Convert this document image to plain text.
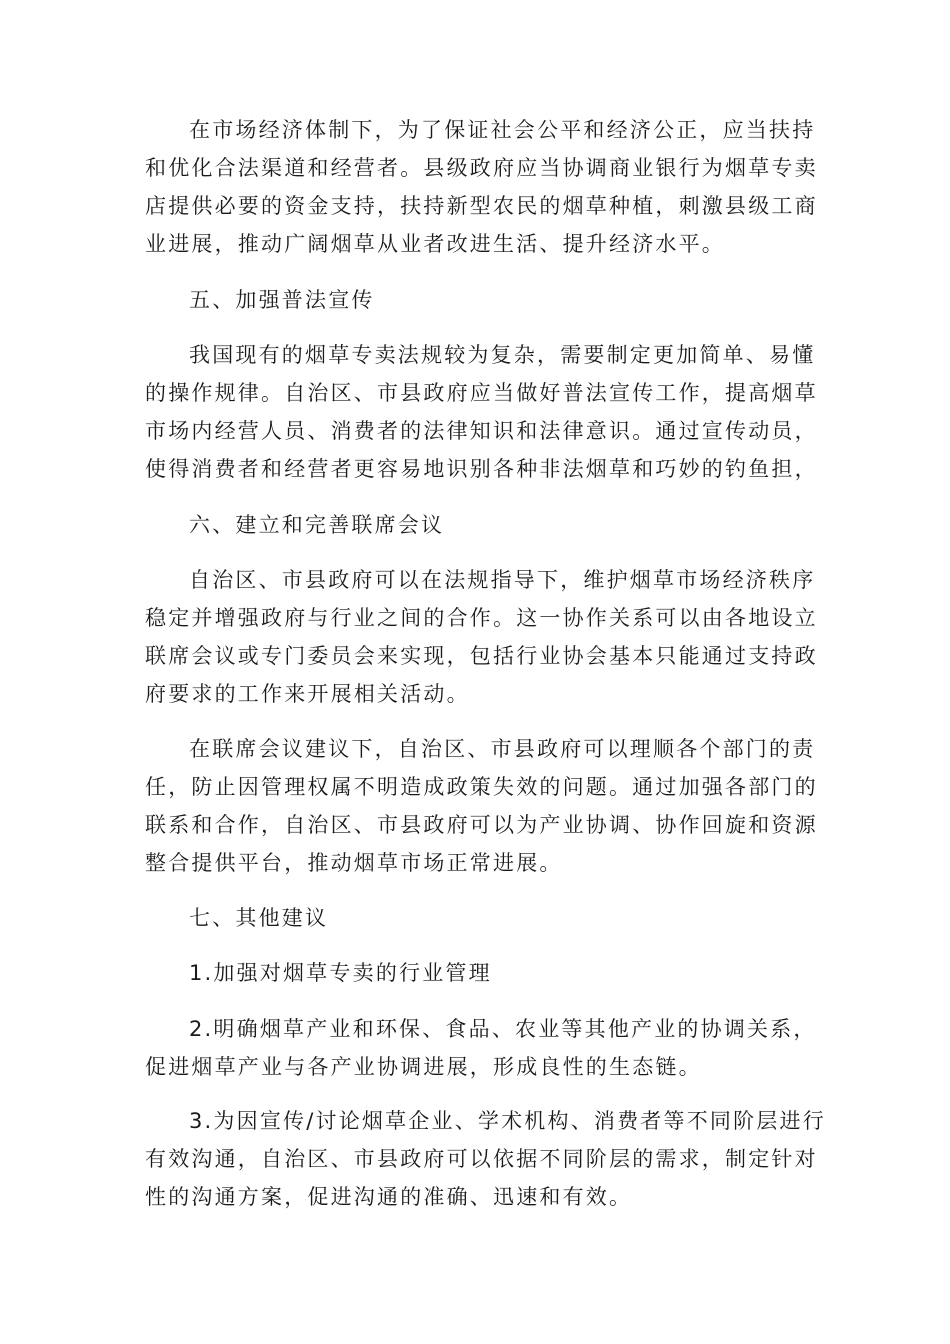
在市场经济体制下，为了保证社会公平和经济公正，应当扶持
和优化合法渠道和经营者。县级政府应当协调商业银行为烟草专卖
店提供必要的资金支持，扶持新型农民的烟草种植，刺激县级工商
业进展，推动广阔烟草从业者改进生活、提升经济水平。
五、加强普法宣传
我国现有的烟草专卖法规较为复杂，需要制定更加简单、易懂
的操作规律。自治区、市县政府应当做好普法宣传工作，提高烟草
市场内经营人员、消费者的法律知识和法律意识。通过宣传动员，
使得消费者和经营者更容易地识别各种非法烟草和巧妙的钓鱼担，
六、建立和完善联席会议
自治区、市县政府可以在法规指导下，维护烟草市场经济秩序
稳定并增强政府与行业之间的合作。这一协作关系可以由各地设立
联席会议或专门委员会来实现，包括行业协会基本只能通过支持政
府要求的工作来开展相关活动。
在联席会议建议下，自治区、市县政府可以理顺各个部门的责
任，防止因管理权属不明造成政策失效的问题。通过加强各部门的
联系和合作，自治区、市县政府可以为产业协调、协作回旋和资源
整合提供平台，推动烟草市场正常进展。
七、其他建议
1.加强对烟草专卖的行业管理
2.明确烟草产业和环保、食品、农业等其他产业的协调关系，
促进烟草产业与各产业协调进展，形成良性的生态链。
3.为因宣传/讨论烟草企业、学术机构、消费者等不同阶层进行
有效沟通，自治区、市县政府可以依据不同阶层的需求，制定针对
性的沟通方案，促进沟通的准确、迅速和有效。
